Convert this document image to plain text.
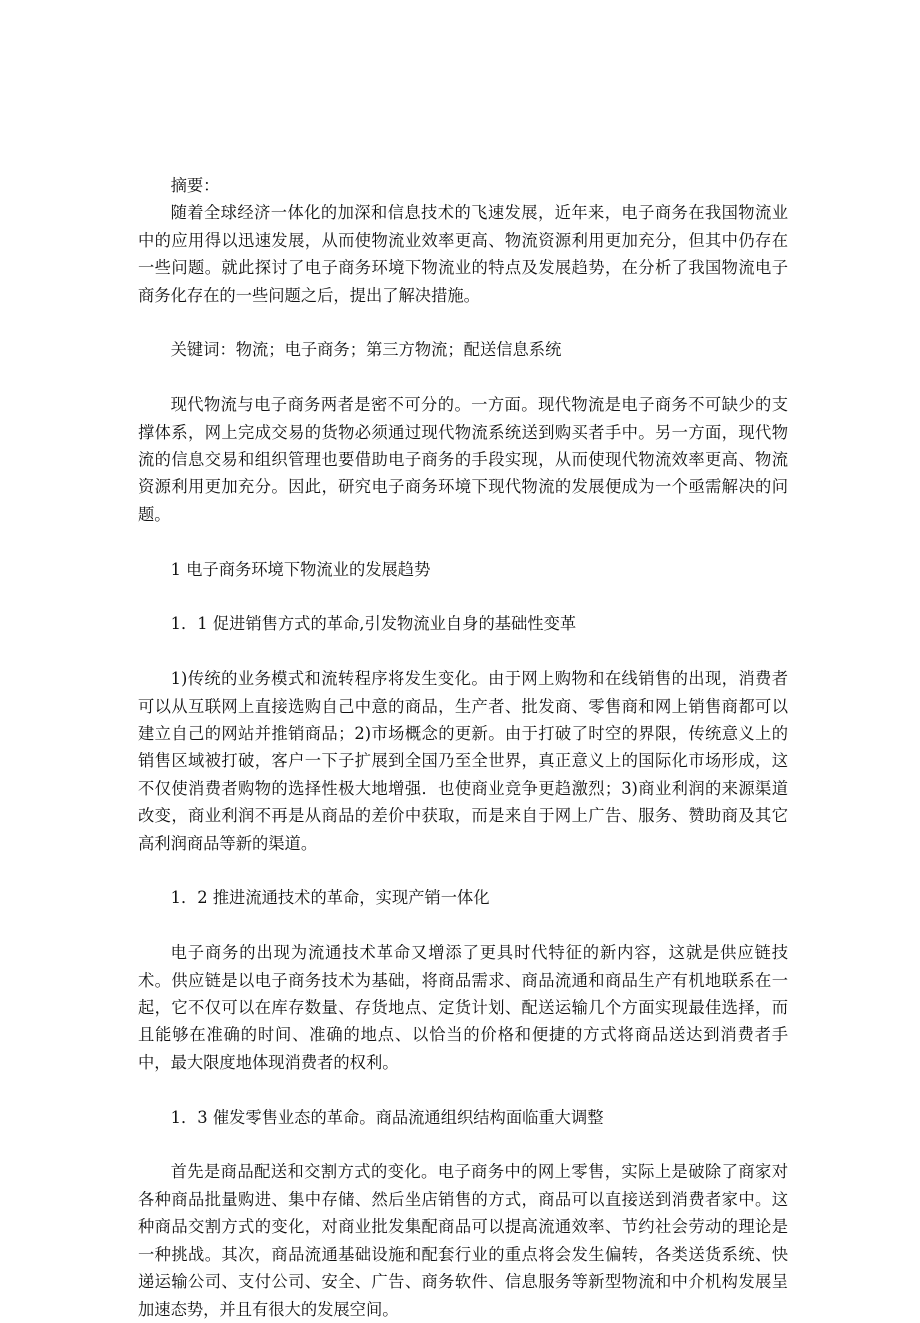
摘要：

随着全球经济一体化的加深和信息技术的飞速发展，近年来，电子商务在我国物流业中的应用得以迅速发展，从而使物流业效率更高、物流资源利用更加充分，但其中仍存在一些问题。就此探讨了电子商务环境下物流业的特点及发展趋势，在分析了我国物流电子商务化存在的一些问题之后，提出了解决措施。

关键词：物流；电子商务；第三方物流；配送信息系统

现代物流与电子商务两者是密不可分的。一方面。现代物流是电子商务不可缺少的支撑体系，网上完成交易的货物必须通过现代物流系统送到购买者手中。另一方面，现代物流的信息交易和组织管理也要借助电子商务的手段实现，从而使现代物流效率更高、物流资源利用更加充分。因此，研究电子商务环境下现代物流的发展便成为一个亟需解决的问题。

1 电子商务环境下物流业的发展趋势

1．1 促进销售方式的革命,引发物流业自身的基础性变革

1)传统的业务模式和流转程序将发生变化。由于网上购物和在线销售的出现，消费者可以从互联网上直接选购自己中意的商品，生产者、批发商、零售商和网上销售商都可以建立自己的网站并推销商品；2)市场概念的更新。由于打破了时空的界限，传统意义上的销售区域被打破，客户一下子扩展到全国乃至全世界，真正意义上的国际化市场形成，这不仅使消费者购物的选择性极大地增强．也使商业竞争更趋激烈；3)商业利润的来源渠道改变，商业利润不再是从商品的差价中获取，而是来自于网上广告、服务、赞助商及其它高利润商品等新的渠道。

1．2 推进流通技术的革命，实现产销一体化

电子商务的出现为流通技术革命又增添了更具时代特征的新内容，这就是供应链技术。供应链是以电子商务技术为基础，将商品需求、商品流通和商品生产有机地联系在一起，它不仅可以在库存数量、存货地点、定货计划、配送运输几个方面实现最佳选择，而且能够在准确的时间、准确的地点、以恰当的价格和便捷的方式将商品送达到消费者手中，最大限度地体现消费者的权利。

1．3 催发零售业态的革命。商品流通组织结构面临重大调整

首先是商品配送和交割方式的变化。电子商务中的网上零售，实际上是破除了商家对各种商品批量购进、集中存储、然后坐店销售的方式，商品可以直接送到消费者家中。这种商品交割方式的变化，对商业批发集配商品可以提高流通效率、节约社会劳动的理论是一种挑战。其次，商品流通基础设施和配套行业的重点将会发生偏转，各类送货系统、快递运输公司、支付公司、安全、广告、商务软件、信息服务等新型物流和中介机构发展呈加速态势，并且有很大的发展空间。
